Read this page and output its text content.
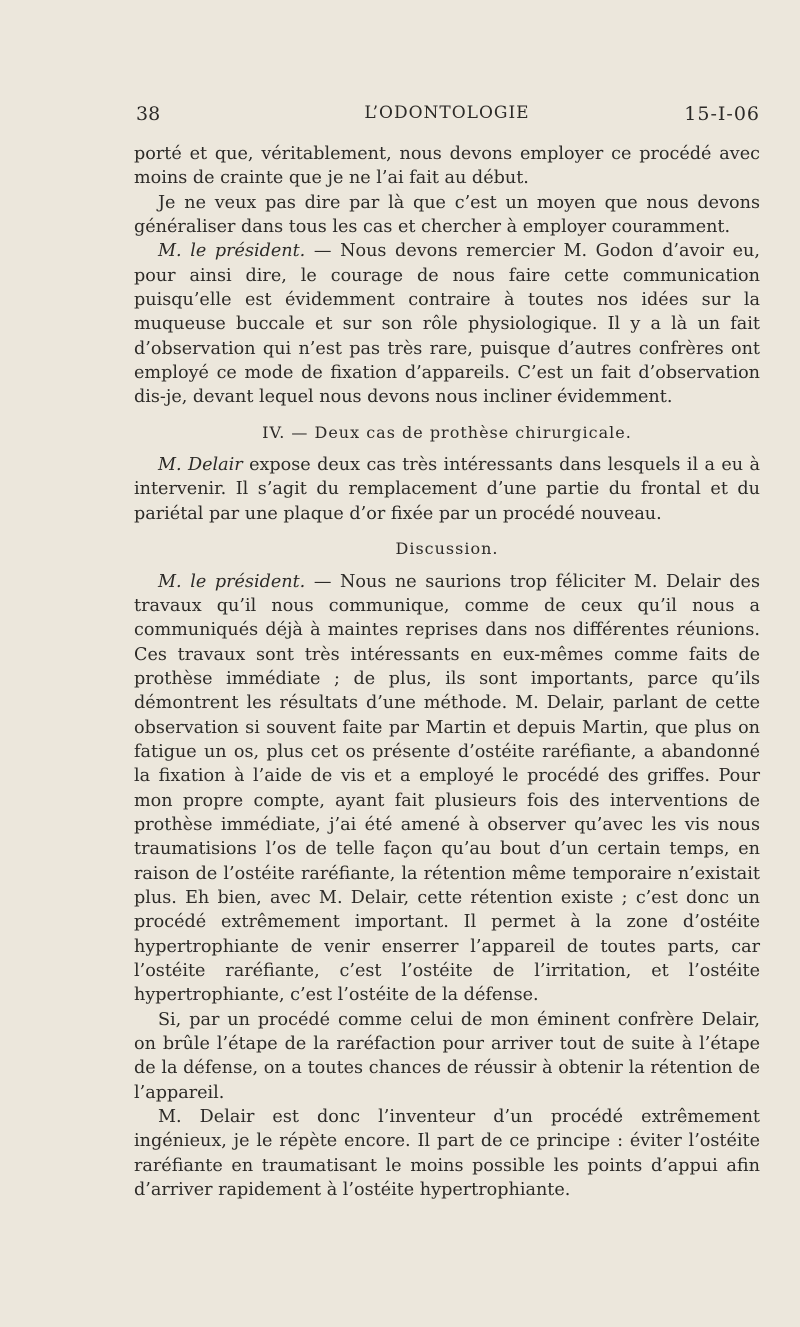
38	L’ODONTOLOGIE	15-I-06

porté et que, véritablement, nous devons employer ce procédé avec moins de crainte que je ne l’ai fait au début.

Je ne veux pas dire par là que c’est un moyen que nous devons généraliser dans tous les cas et chercher à employer couramment.

M. le président. — Nous devons remercier M. Godon d’avoir eu, pour ainsi dire, le courage de nous faire cette communication puisqu’elle est évidemment contraire à toutes nos idées sur la muqueuse buccale et sur son rôle physiologique. Il y a là un fait d’observation qui n’est pas très rare, puisque d’autres confrères ont employé ce mode de fixation d’appareils. C’est un fait d’observation dis-je, devant lequel nous devons nous incliner évidemment.

IV. — Deux cas de prothèse chirurgicale.

M. Delair expose deux cas très intéressants dans lesquels il a eu à intervenir. Il s’agit du remplacement d’une partie du frontal et du pariétal par une plaque d’or fixée par un procédé nouveau.

Discussion.

M. le président. — Nous ne saurions trop féliciter M. Delair des travaux qu’il nous communique, comme de ceux qu’il nous a communiqués déjà à maintes reprises dans nos différentes réunions. Ces travaux sont très intéressants en eux-mêmes comme faits de prothèse immédiate ; de plus, ils sont importants, parce qu’ils démontrent les résultats d’une méthode. M. Delair, parlant de cette observation si souvent faite par Martin et depuis Martin, que plus on fatigue un os, plus cet os présente d’ostéite raréfiante, a abandonné la fixation à l’aide de vis et a employé le procédé des griffes. Pour mon propre compte, ayant fait plusieurs fois des interventions de prothèse immédiate, j’ai été amené à observer qu’avec les vis nous traumatisions l’os de telle façon qu’au bout d’un certain temps, en raison de l’ostéite raréfiante, la rétention même temporaire n’existait plus. Eh bien, avec M. Delair, cette rétention existe ; c’est donc un procédé extrêmement important. Il permet à la zone d’ostéite hypertrophiante de venir enserrer l’appareil de toutes parts, car l’ostéite raréfiante, c’est l’ostéite de l’irritation, et l’ostéite hypertrophiante, c’est l’ostéite de la défense.

Si, par un procédé comme celui de mon éminent confrère Delair, on brûle l’étape de la raréfaction pour arriver tout de suite à l’étape de la défense, on a toutes chances de réussir à obtenir la rétention de l’appareil.

M. Delair est donc l’inventeur d’un procédé extrêmement ingénieux, je le répète encore. Il part de ce principe : éviter l’ostéite raréfiante en traumatisant le moins possible les points d’appui afin d’arriver rapidement à l’ostéite hypertrophiante.
